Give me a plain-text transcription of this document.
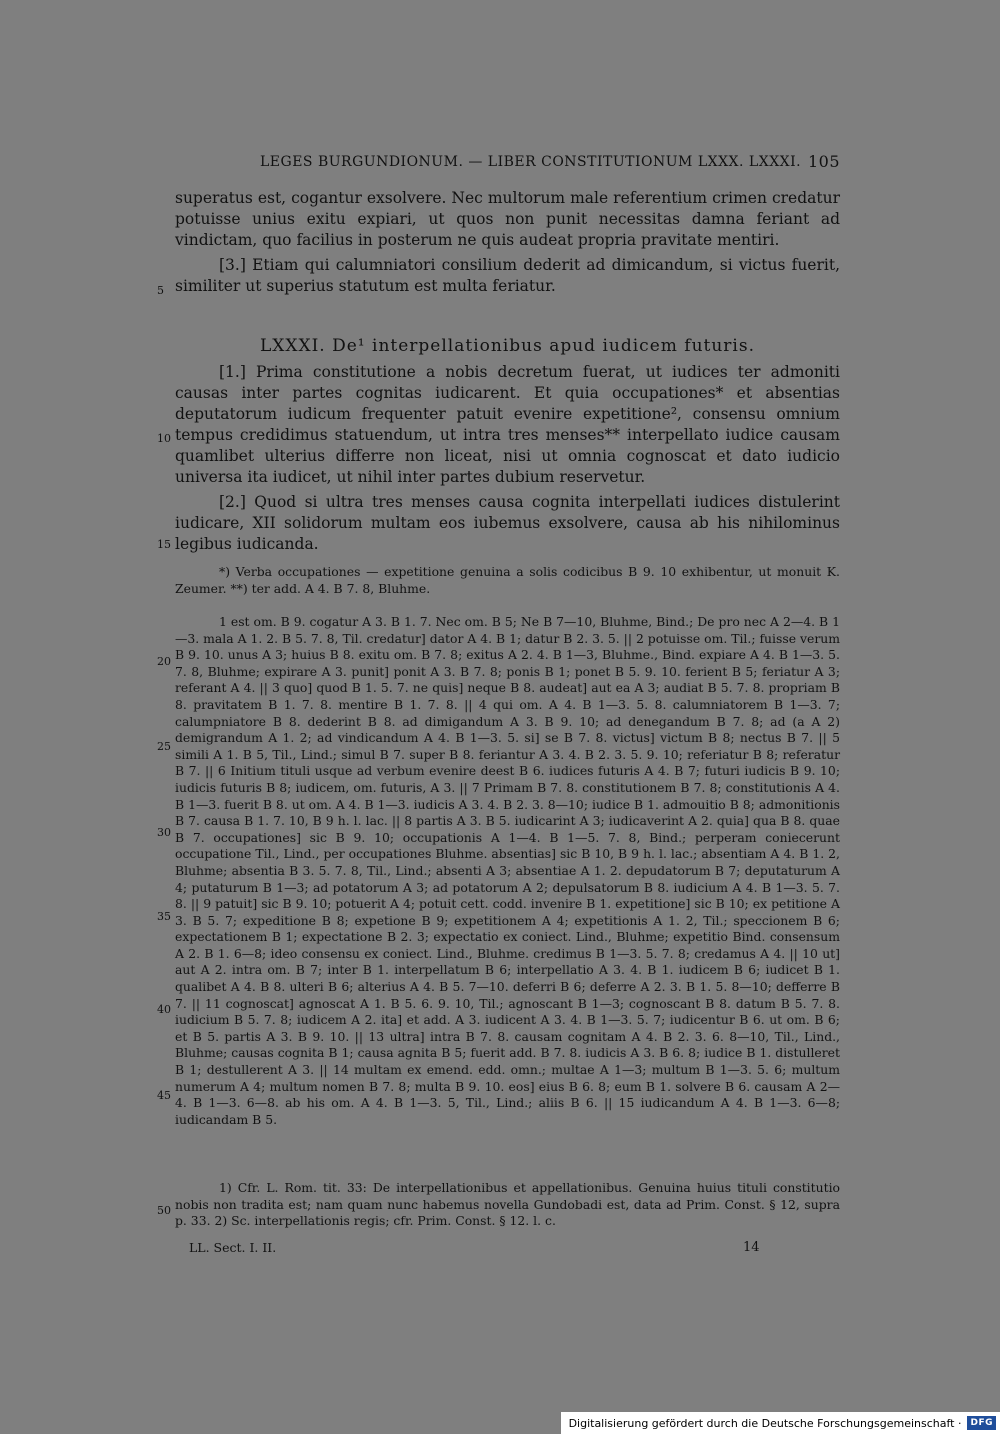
LEGES BURGUNDIONUM. — LIBER CONSTITUTIONUM LXXX. LXXXI. 105

superatus est, cogantur exsolvere. Nec multorum male referentium crimen credatur potuisse unius exitu expiari, ut quos non punit necessitas damna feriant ad vindictam, quo facilius in posterum ne quis audeat propria pravitate mentiri.

[3.] Etiam qui calumniatori consilium dederit ad dimicandum, si victus fuerit, similiter ut superius statutum est multa feriatur.

LXXXI. De¹ interpellationibus apud iudicem futuris.

[1.] Prima constitutione a nobis decretum fuerat, ut iudices ter admoniti causas inter partes cognitas iudicarent. Et quia occupationes* et absentias deputatorum iudicum frequenter patuit evenire expetitione², consensu omnium tempus credidimus statuendum, ut intra tres menses** interpellato iudice causam quamlibet ulterius differre non liceat, nisi ut omnia cognoscat et dato iudicio universa ita iudicet, ut nihil inter partes dubium reservetur.

[2.] Quod si ultra tres menses causa cognita interpellati iudices distulerint iudicare, XII solidorum multam eos iubemus exsolvere, causa ab his nihilominus legibus iudicanda.

*) Verba occupationes — expetitione genuina a solis codicibus B 9. 10 exhibentur, ut monuit K. Zeumer. **) ter add. A 4. B 7. 8, Bluhme.

1 est om. B 9. cogatur A 3. B 1. 7. Nec om. B 5; Ne B 7—10, Bluhme, Bind.; De pro nec A 2—4. B 1—3. mala A 1. 2. B 5. 7. 8, Til. credatur] dator A 4. B 1; datur B 2. 3. 5. || 2 potuisse om. Til.; fuisse verum B 9. 10. unus A 3; huius B 8. exitu om. B 7. 8; exitus A 2. 4. B 1—3, Bluhme., Bind. expiare A 4. B 1—3. 5. 7. 8, Bluhme; expirare A 3. punit] ponit A 3. B 7. 8; ponis B 1; ponet B 5. 9. 10. ferient B 5; feriatur A 3; referant A 4. || 3 quo] quod B 1. 5. 7. ne quis] neque B 8. audeat] aut ea A 3; audiat B 5. 7. 8. propriam B 8. pravitatem B 1. 7. 8. mentire B 1. 7. 8. || 4 qui om. A 4. B 1—3. 5. 8. calumniatorem B 1—3. 7; calumpniatore B 8. dederint B 8. ad dimigandum A 3. B 9. 10; ad denegandum B 7. 8; ad (a A 2) demigrandum A 1. 2; ad vindicandum A 4. B 1—3. 5. si] se B 7. 8. victus] victum B 8; nectus B 7. || 5 simili A 1. B 5, Til., Lind.; simul B 7. super B 8. feriantur A 3. 4. B 2. 3. 5. 9. 10; referiatur B 8; referatur B 7. || 6 Initium tituli usque ad verbum evenire deest B 6. iudices futuris A 4. B 7; futuri iudicis B 9. 10; iudicis futuris B 8; iudicem, om. futuris, A 3. || 7 Primam B 7. 8. constitutionem B 7. 8; constitutionis A 4. B 1—3. fuerit B 8. ut om. A 4. B 1—3. iudicis A 3. 4. B 2. 3. 8—10; iudice B 1. admouitio B 8; admonitionis B 7. causa B 1. 7. 10, B 9 h. l. lac. || 8 partis A 3. B 5. iudicarint A 3; iudicaverint A 2. quia] qua B 8. quae B 7. occupationes] sic B 9. 10; occupationis A 1—4. B 1—5. 7. 8, Bind.; perperam coniecerunt occupatione Til., Lind., per occupationes Bluhme. absentias] sic B 10, B 9 h. l. lac.; absentiam A 4. B 1. 2, Bluhme; absentia B 3. 5. 7. 8, Til., Lind.; absenti A 3; absentiae A 1. 2. depudatorum B 7; deputaturum A 4; putaturum B 1—3; ad potatorum A 3; ad potatorum A 2; depulsatorum B 8. iudicium A 4. B 1—3. 5. 7. 8. || 9 patuit] sic B 9. 10; potuerit A 4; potuit cett. codd. invenire B 1. expetitione] sic B 10; ex petitione A 3. B 5. 7; expeditione B 8; expetione B 9; expetitionem A 4; expetitionis A 1. 2, Til.; speccionem B 6; expectationem B 1; expectatione B 2. 3; expectatio ex coniect. Lind., Bluhme; expetitio Bind. consensum A 2. B 1. 6—8; ideo consensu ex coniect. Lind., Bluhme. credimus B 1—3. 5. 7. 8; credamus A 4. || 10 ut] aut A 2. intra om. B 7; inter B 1. interpellatum B 6; interpellatio A 3. 4. B 1. iudicem B 6; iudicet B 1. qualibet A 4. B 8. ulteri B 6; alterius A 4. B 5. 7—10. deferri B 6; deferre A 2. 3. B 1. 5. 8—10; defferre B 7. || 11 cognoscat] agnoscat A 1. B 5. 6. 9. 10, Til.; agnoscant B 1—3; cognoscant B 8. datum B 5. 7. 8. iudicium B 5. 7. 8; iudicem A 2. ita] et add. A 3. iudicent A 3. 4. B 1—3. 5. 7; iudicentur B 6. ut om. B 6; et B 5. partis A 3. B 9. 10. || 13 ultra] intra B 7. 8. causam cognitam A 4. B 2. 3. 6. 8—10, Til., Lind., Bluhme; causas cognita B 1; causa agnita B 5; fuerit add. B 7. 8. iudicis A 3. B 6. 8; iudice B 1. distulleret B 1; destullerent A 3. || 14 multam ex emend. edd. omn.; multae A 1—3; multum B 1—3. 5. 6; multum numerum A 4; multum nomen B 7. 8; multa B 9. 10. eos] eius B 6. 8; eum B 1. solvere B 6. causam A 2—4. B 1—3. 6—8. ab his om. A 4. B 1—3. 5, Til., Lind.; aliis B 6. || 15 iudicandum A 4. B 1—3. 6—8; iudicandam B 5.

1) Cfr. L. Rom. tit. 33: De interpellationibus et appellationibus. Genuina huius tituli constitutio nobis non tradita est; nam quam nunc habemus novella Gundobadi est, data ad Prim. Const. § 12, supra p. 33. 2) Sc. interpellationis regis; cfr. Prim. Const. § 12. l. c.

LL. Sect. I. II.	14
5
10
15
20
25
30
35
40
45
50
Digitalisierung gefördert durch die Deutsche Forschungsgemeinschaft ·	DFG
